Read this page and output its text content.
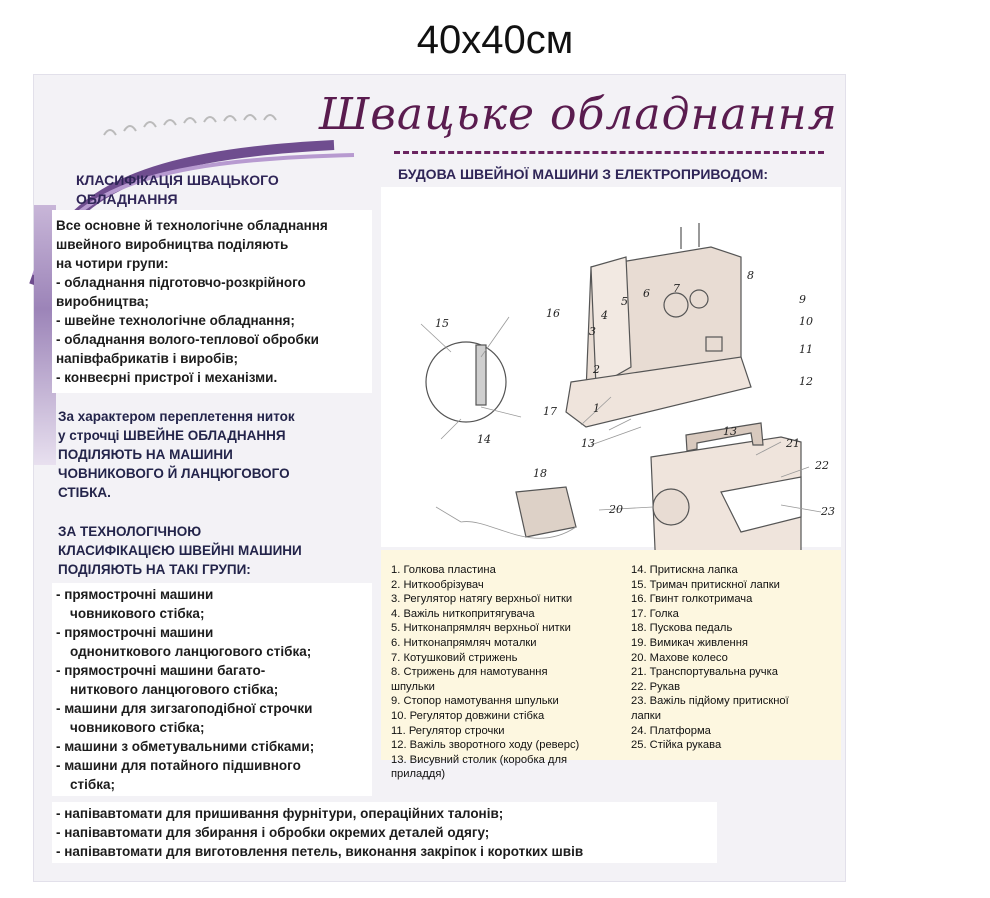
40x40см
Швацьке обладнання
КЛАСИФІКАЦІЯ ШВАЦЬКОГО ОБЛАДНАННЯ
БУДОВА ШВЕЙНОЇ МАШИНИ З ЕЛЕКТРОПРИВОДОМ:
Все основне й технологічне обладнання
швейного виробництва поділяють
на чотири групи:
- обладнання підготовчо-розкрійного
виробництва;
- швейне технологічне обладнання;
- обладнання волого-теплової обробки
напівфабрикатів і виробів;
- конвеєрні пристрої і механізми.
За характером переплетення ниток
у строчці ШВЕЙНЕ ОБЛАДНАННЯ
ПОДІЛЯЮТЬ НА МАШИНИ
ЧОВНИКОВОГО Й ЛАНЦЮГОВОГО
СТІБКА.
ЗА ТЕХНОЛОГІЧНОЮ
КЛАСИФІКАЦІЄЮ ШВЕЙНІ МАШИНИ
ПОДІЛЯЮТЬ НА ТАКІ ГРУПИ:
- прямострочні машини
човникового стібка;
- прямострочні машини
однониткового ланцюгового стібка;
- прямострочні машини багато-
ниткового ланцюгового стібка;
- машини для зигзагоподібної строчки
човникового стібка;
- машини з обметувальними стібками;
- машини для потайного підшивного
стібка;
- напівавтомати для пришивання фурнітури, операційних талонів;
- напівавтомати для збирання і обробки окремих деталей одягу;
- напівавтомати для виготовлення петель, виконання закріпок і коротких швів
1
2
3
4
5
6 7
8
9
10
11
12
13
13
14
15
16
17
18
20
21
22
23
1. Голкова пластина
2. Ниткообрізувач
3. Регулятор натягу верхньої нитки
4. Важіль ниткопритягувача
5. Нитконапрямляч верхньої нитки
6. Нитконапрямляч моталки
7. Котушковий стрижень
8. Стрижень для намотування
шпульки
9. Стопор намотування шпульки
10. Регулятор довжини стібка
11. Регулятор строчки
12. Важіль зворотного ходу (реверс)
13. Висувний столик (коробка для
приладдя)
14. Притискна лапка
15. Тримач притискної лапки
16. Гвинт голкотримача
17. Голка
18. Пускова педаль
19. Вимикач живлення
20. Махове колесо
21. Транспортувальна ручка
22. Рукав
23. Важіль підйому притискної
лапки
24. Платформа
25. Стійка рукава
